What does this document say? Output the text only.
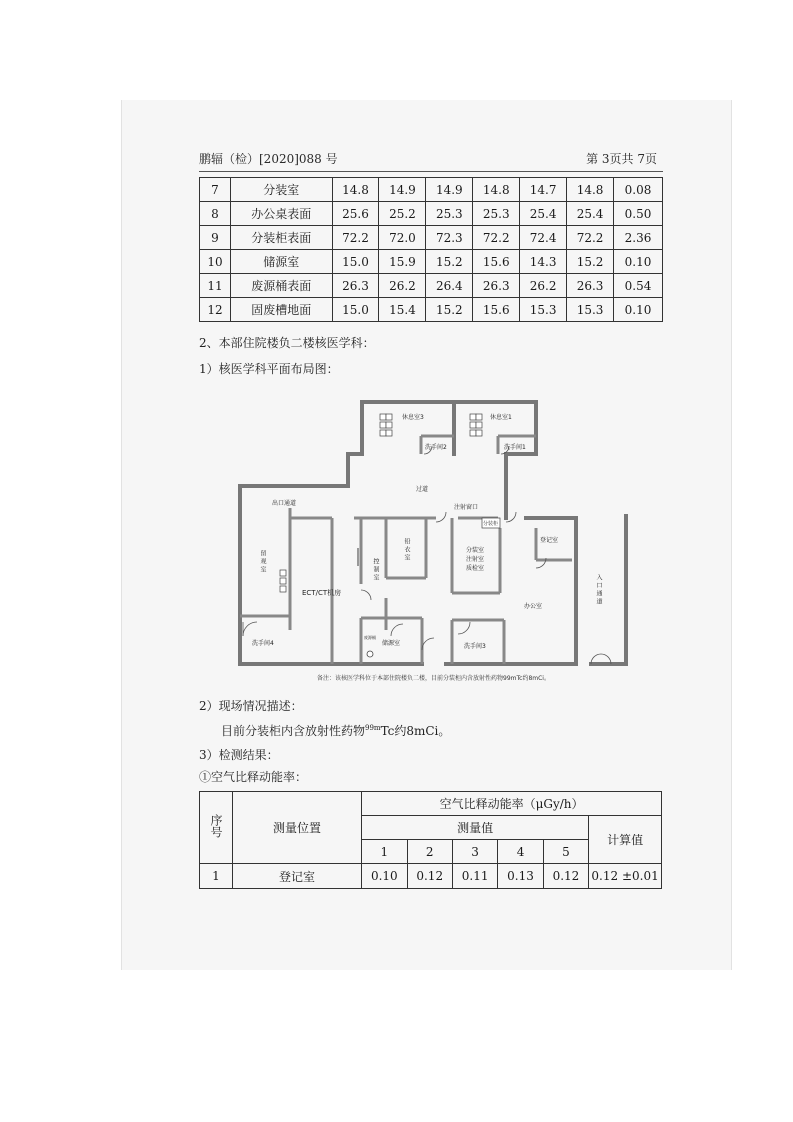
鹏辐（检）[2020]088 号	第 3页共 7页
7	分装室	14.8	14.9	14.9	14.8	14.7	14.8	0.08
8	办公桌表面	25.6	25.2	25.3	25.3	25.4	25.4	0.50
9	分装柜表面	72.2	72.0	72.3	72.2	72.4	72.2	2.36
10	储源室	15.0	15.9	15.2	15.6	14.3	15.2	0.10
11	废源桶表面	26.3	26.2	26.4	26.3	26.2	26.3	0.54
12	固废槽地面	15.0	15.4	15.2	15.6	15.3	15.3	0.10
2、本部住院楼负二楼核医学科：
1）核医学科平面布局图：
休息室3	休息室1
洗手间2	洗手间1
过道
出口通道
注射窗口
分装柜
留观室
ECT/CT机房
控制室
铅衣室	分装室
注射室
质检室
登记室
入口通道
办公室
洗手间4	储源室
废源桶
洗手间3
备注：该核医学科位于本部住院楼负二楼，目前分装柜内含放射性药物99mTc约8mCi。
2）现场情况描述：
目前分装柜内含放射性药物$^{99m}$Tc约8mCi。
3）检测结果：
①空气比释动能率：
序号	测量位置	空气比释动能率（μGy/h）					
		测量值					计算值
		1	2	3	4	5	
1	登记室	0.10	0.12	0.11	0.13	0.12	0.12 ±0.01
